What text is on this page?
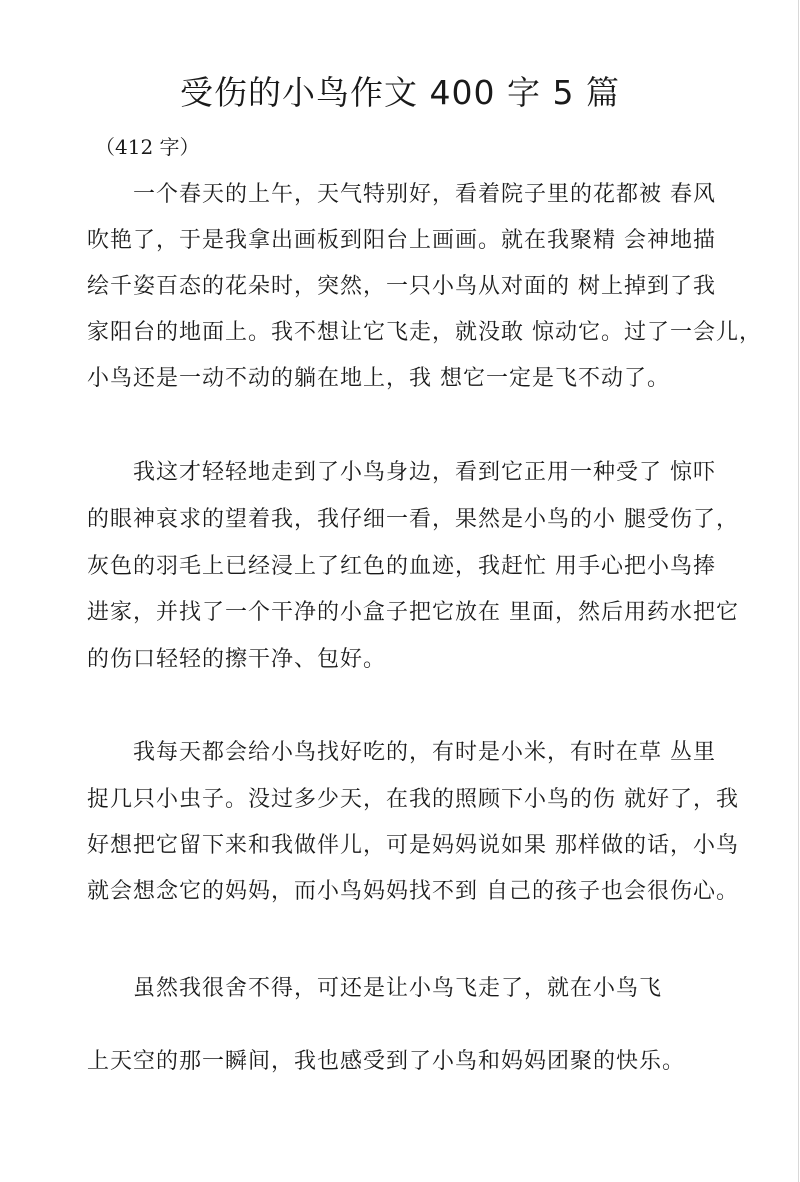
受伤的小鸟作文 400 字 5 篇
（412 字）

一个春天的上午，天气特别好，看着院子里的花都被 春风

吹艳了，于是我拿出画板到阳台上画画。就在我聚精 会神地描

绘千姿百态的花朵时，突然，一只小鸟从对面的 树上掉到了我

家阳台的地面上。我不想让它飞走，就没敢 惊动它。过了一会儿，

小鸟还是一动不动的躺在地上，我 想它一定是飞不动了。

我这才轻轻地走到了小鸟身边，看到它正用一种受了 惊吓

的眼神哀求的望着我，我仔细一看，果然是小鸟的小 腿受伤了，

灰色的羽毛上已经浸上了红色的血迹，我赶忙 用手心把小鸟捧

进家，并找了一个干净的小盒子把它放在 里面，然后用药水把它

的伤口轻轻的擦干净、包好。

我每天都会给小鸟找好吃的，有时是小米，有时在草 丛里

捉几只小虫子。没过多少天，在我的照顾下小鸟的伤 就好了，我

好想把它留下来和我做伴儿，可是妈妈说如果 那样做的话，小鸟

就会想念它的妈妈，而小鸟妈妈找不到 自己的孩子也会很伤心。

虽然我很舍不得，可还是让小鸟飞走了，就在小鸟飞

上天空的那一瞬间，我也感受到了小鸟和妈妈团聚的快乐。
